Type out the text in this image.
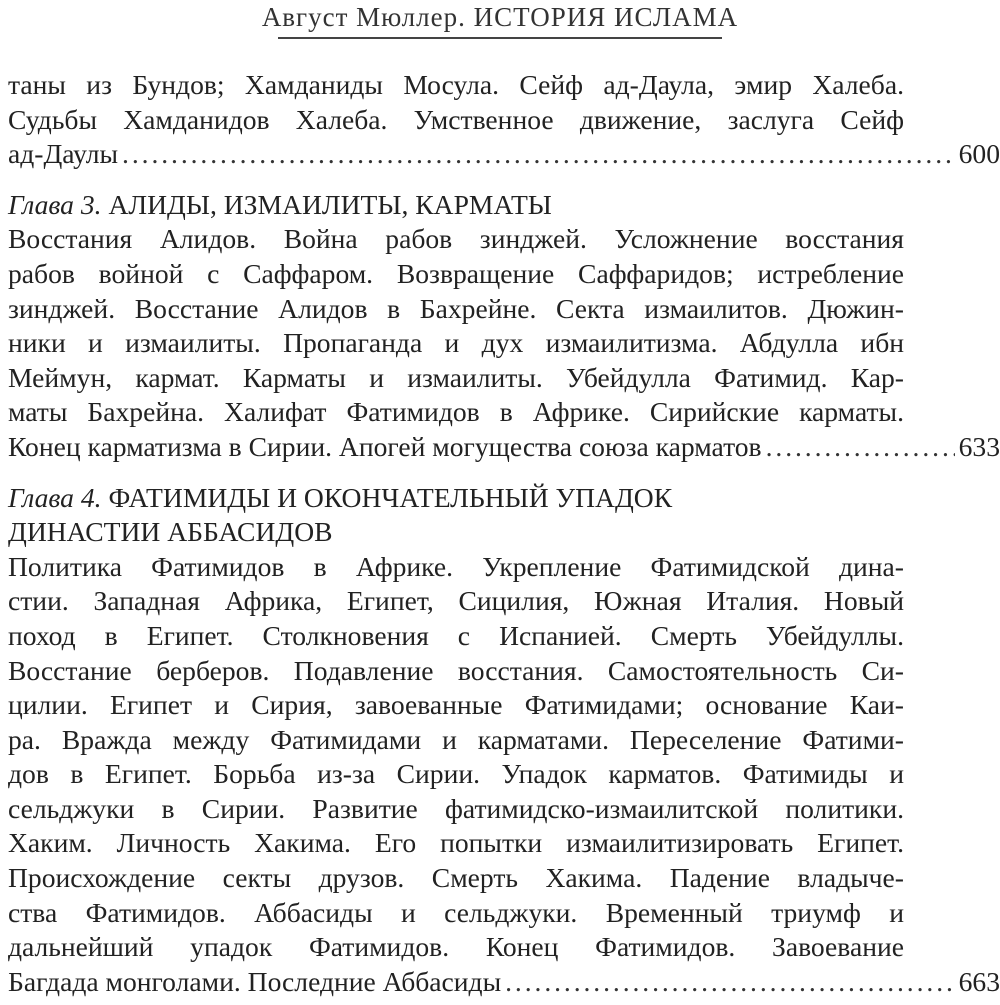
Август Мюллер. ИСТОРИЯ ИСЛАМА
таны из Бундов; Хамданиды Мосула. Сейф ад-Даула, эмир Халеба.
Судьбы Хамданидов Халеба. Умственное движение, заслуга Сейф
ад-Даулы . . .	600
Глава 3. АЛИДЫ, ИЗМАИЛИТЫ, КАРМАТЫ
Восстания Алидов. Война рабов зинджей. Усложнение восстания
рабов войной с Саффаром. Возвращение Саффаридов; истребление
зинджей. Восстание Алидов в Бахрейне. Секта измаилитов. Дюжин-
ники и измаилиты. Пропаганда и дух измаилитизма. Абдулла ибн
Меймун, кармат. Карматы и измаилиты. Убейдулла Фатимид. Кар-
маты Бахрейна. Халифат Фатимидов в Африке. Сирийские карматы.
Конец карматизма в Сирии. Апогей могущества союза карматов . . .	633
Глава 4. ФАТИМИДЫ И ОКОНЧАТЕЛЬНЫЙ УПАДОК
ДИНАСТИИ АББАСИДОВ
Политика Фатимидов в Африке. Укрепление Фатимидской дина-
стии. Западная Африка, Египет, Сицилия, Южная Италия. Новый
поход в Египет. Столкновения с Испанией. Смерть Убейдуллы.
Восстание берберов. Подавление восстания. Самостоятельность Си-
цилии. Египет и Сирия, завоеванные Фатимидами; основание Каи-
ра. Вражда между Фатимидами и карматами. Переселение Фатими-
дов в Египет. Борьба из-за Сирии. Упадок карматов. Фатимиды и
сельджуки в Сирии. Развитие фатимидско-измаилитской политики.
Хаким. Личность Хакима. Его попытки измаилитизировать Египет.
Происхождение секты друзов. Смерть Хакима. Падение владыче-
ства Фатимидов. Аббасиды и сельджуки. Временный триумф и
дальнейший упадок Фатимидов. Конец Фатимидов. Завоевание
Багдада монголами. Последние Аббасиды . . .	663
